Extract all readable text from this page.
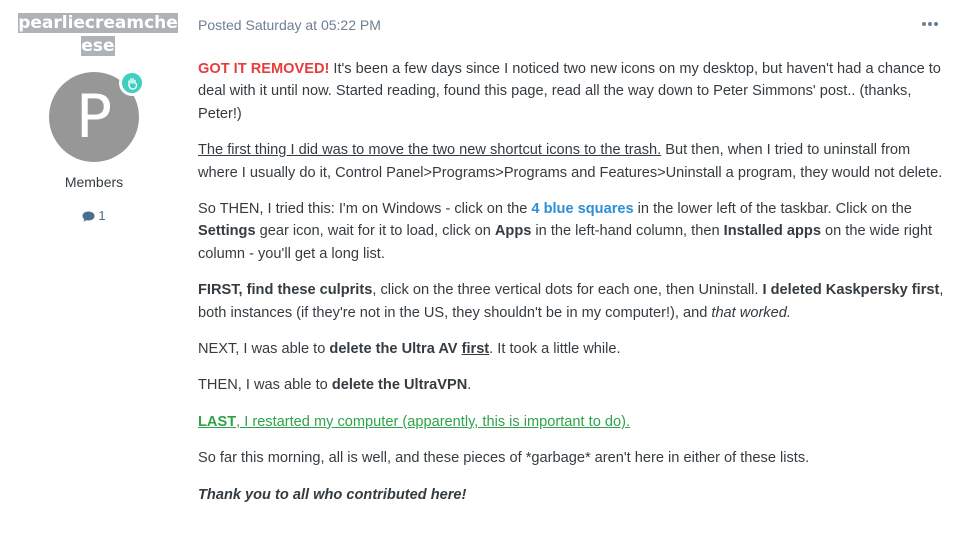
pearliecreamcheese
P
Members
1
Posted Saturday at 05:22 PM

GOT IT REMOVED! It's been a few days since I noticed two new icons on my desktop, but haven't had a chance to deal with it until now. Started reading, found this page, read all the way down to Peter Simmons' post.. (thanks, Peter!)

The first thing I did was to move the two new shortcut icons to the trash. But then, when I tried to uninstall from where I usually do it, Control Panel>Programs>Programs and Features>Uninstall a program, they would not delete.

So THEN, I tried this: I'm on Windows - click on the 4 blue squares in the lower left of the taskbar. Click on the Settings gear icon, wait for it to load, click on Apps in the left-hand column, then Installed apps on the wide right column - you'll get a long list.

FIRST, find these culprits, click on the three vertical dots for each one, then Uninstall. I deleted Kaskpersky first, both instances (if they're not in the US, they shouldn't be in my computer!), and that worked.

NEXT, I was able to delete the Ultra AV first. It took a little while.

THEN, I was able to delete the UltraVPN.

LAST, I restarted my computer (apparently, this is important to do).

So far this morning, all is well, and these pieces of *garbage* aren't here in either of these lists.

Thank you to all who contributed here!
